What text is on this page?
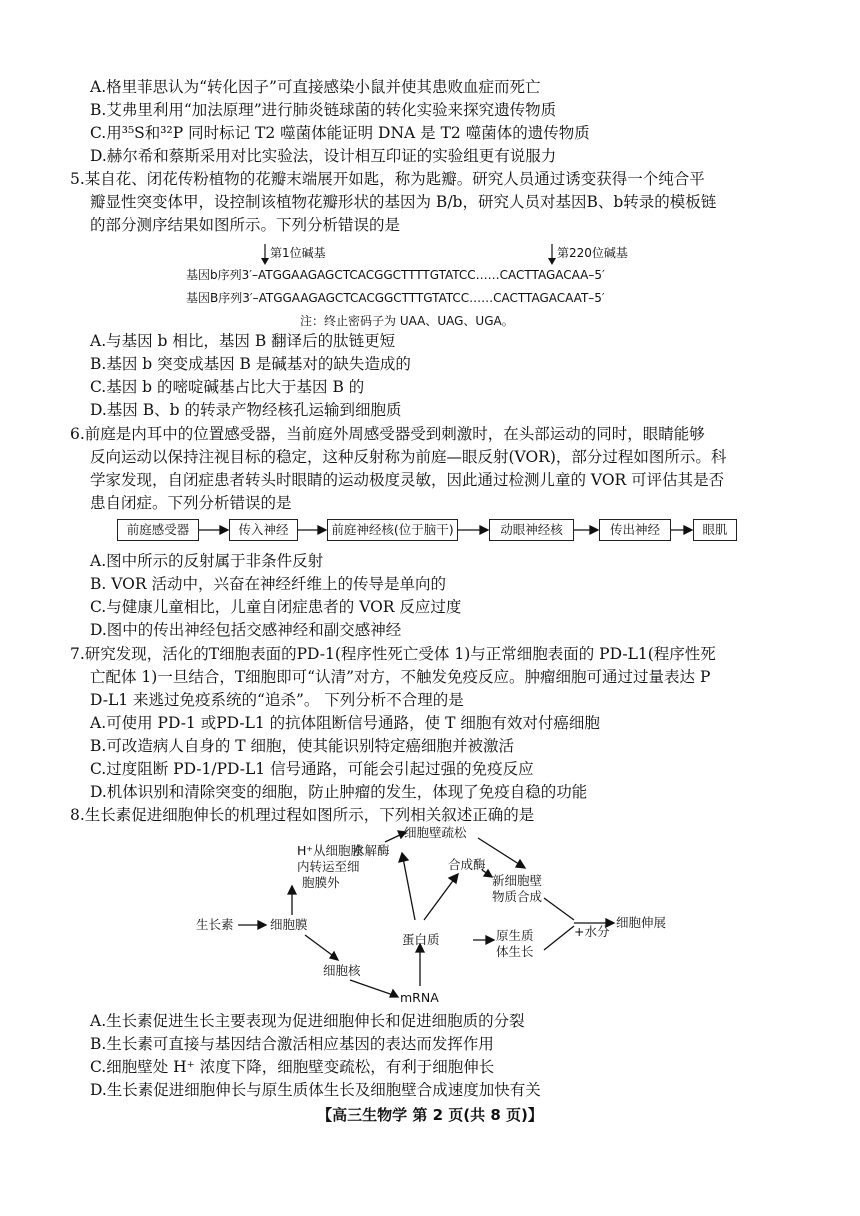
A.格里菲思认为“转化因子”可直接感染小鼠并使其患败血症而死亡
B.艾弗里利用“加法原理”进行肺炎链球菌的转化实验来探究遗传物质
C.用³⁵S和³²P 同时标记 T2 噬菌体能证明 DNA 是 T2 噬菌体的遗传物质
D.赫尔希和蔡斯采用对比实验法，设计相互印证的实验组更有说服力
5.某自花、闭花传粉植物的花瓣末端展开如匙，称为匙瓣。研究人员通过诱变获得一个纯合平
瓣显性突变体甲，设控制该植物花瓣形状的基因为 B/b，研究人员对基因B、b转录的模板链
的部分测序结果如图所示。下列分析错误的是
第1位碱基	第220位碱基
基因b序列3′–ATGGAAGAGCTCACGGCTTTTGTATCC……CACTTAGACAA–5′
基因B序列3′–ATGGAAGAGCTCACGGCTTTGTATCC……CACTTAGACAAT–5′
注：终止密码子为 UAA、UAG、UGA。
A.与基因 b 相比，基因 B 翻译后的肽链更短
B.基因 b 突变成基因 B 是碱基对的缺失造成的
C.基因 b 的嘧啶碱基占比大于基因 B 的
D.基因 B、b 的转录产物经核孔运输到细胞质
6.前庭是内耳中的位置感受器，当前庭外周感受器受到刺激时，在头部运动的同时，眼睛能够
反向运动以保持注视目标的稳定，这种反射称为前庭—眼反射(VOR)，部分过程如图所示。科
学家发现，自闭症患者转头时眼睛的运动极度灵敏，因此通过检测儿童的 VOR 可评估其是否
患自闭症。下列分析错误的是
前庭感受器	传入神经	前庭神经核(位于脑干)	动眼神经核	传出神经	眼肌
A.图中所示的反射属于非条件反射
B. VOR 活动中，兴奋在神经纤维上的传导是单向的
C.与健康儿童相比，儿童自闭症患者的 VOR 反应过度
D.图中的传出神经包括交感神经和副交感神经
7.研究发现，活化的T细胞表面的PD-1(程序性死亡受体 1)与正常细胞表面的 PD-L1(程序性死
亡配体 1)一旦结合，T细胞即可“认清”对方，不触发免疫反应。肿瘤细胞可通过过量表达 P
D-L1 来逃过免疫系统的“追杀”。 下列分析不合理的是
A.可使用 PD-1 或PD-L1 的抗体阻断信号通路，使 T 细胞有效对付癌细胞
B.可改造病人自身的 T 细胞，使其能识别特定癌细胞并被激活
C.过度阻断 PD-1/PD-L1 信号通路，可能会引起过强的免疫反应
D.机体识别和清除突变的细胞，防止肿瘤的发生，体现了免疫自稳的功能
8.生长素促进细胞伸长的机理过程如图所示，下列相关叙述正确的是
生长素	细胞膜
H⁺从细胞膜
内转运至细
胞膜外
水解酶
细胞壁疏松
合成酶
新细胞壁
物质合成
蛋白质	原生质
体生长
+水分
细胞伸展
细胞核
mRNA
A.生长素促进生长主要表现为促进细胞伸长和促进细胞质的分裂
B.生长素可直接与基因结合激活相应基因的表达而发挥作用
C.细胞壁处 H⁺ 浓度下降，细胞壁变疏松，有利于细胞伸长
D.生长素促进细胞伸长与原生质体生长及细胞壁合成速度加快有关
【高三生物学 第 2 页(共 8 页)】
